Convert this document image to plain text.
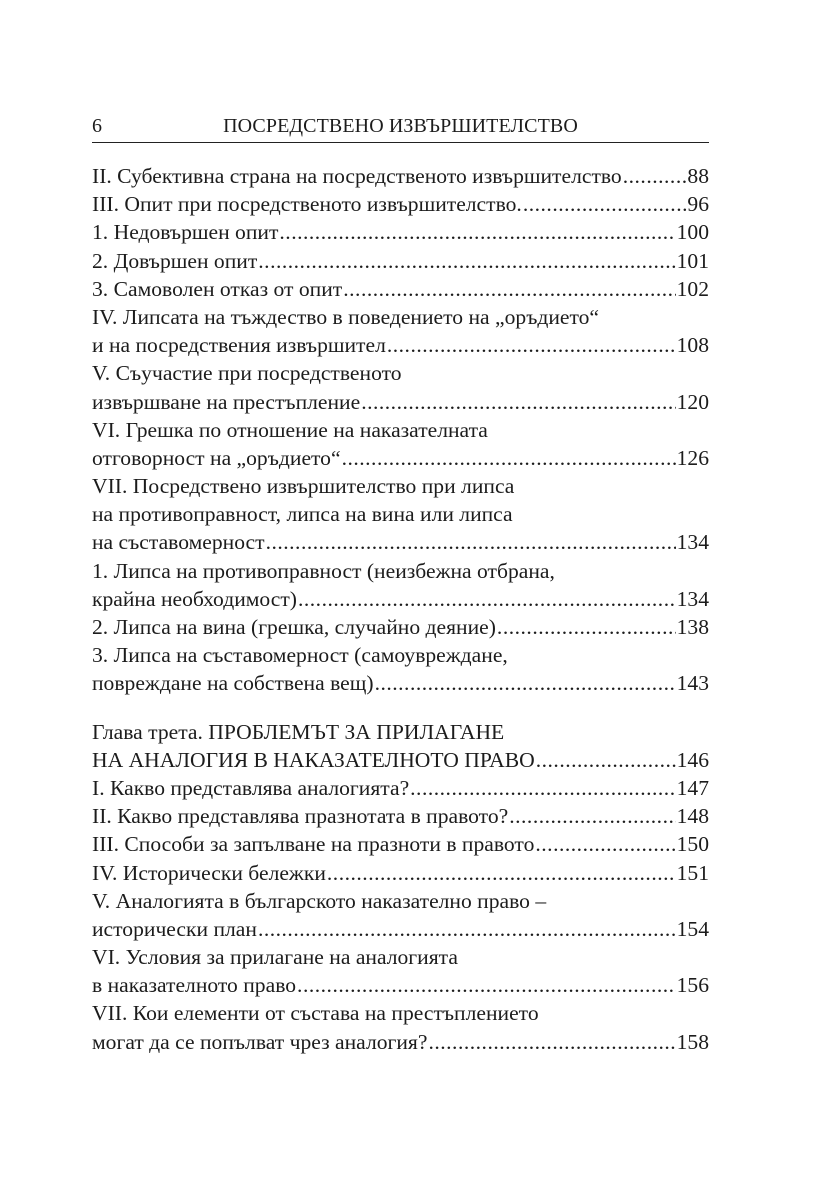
6	ПОСРЕДСТВЕНО ИЗВЪРШИТЕЛСТВО
II. Субективна страна на посредственото извършителство .....	88
III. Опит при посредственото извършителство. .....	96
1. Недовършен опит .....	100
2. Довършен опит .....	101
3. Самоволен отказ от опит .....	102
IV. Липсата на тъждество в поведението на „оръдието“
и на посредствения извършител .....	108
V. Съучастие при посредственото
извършване на престъпление .....	120
VI. Грешка по отношение на наказателната
отговорност на „оръдието“ .....	126
VII. Посредствено извършителство при липса
на противоправност, липса на вина или липса
на съставомерност .....	134
1. Липса на противоправност (неизбежна отбрана,
крайна необходимост) .....	134
2. Липса на вина (грешка, случайно деяние) .....	138
3. Липса на съставомерност (самоувреждане,
повреждане на собствена вещ) .....	143
Глава трета. ПРОБЛЕМЪТ ЗА ПРИЛАГАНЕ
НА АНАЛОГИЯ В НАКАЗАТЕЛНОТО ПРАВО .....	146
I. Какво представлява аналогията? .....	147
II. Какво представлява празнотата в правото? .....	148
III. Способи за запълване на празноти в правото .....	150
IV. Исторически бележки .....	151
V. Аналогията в българското наказателно право –
исторически план .....	154
VI. Условия за прилагане на аналогията
в наказателното право .....	156
VII. Кои елементи от състава на престъплението
могат да се попълват чрез аналогия? .....	158
